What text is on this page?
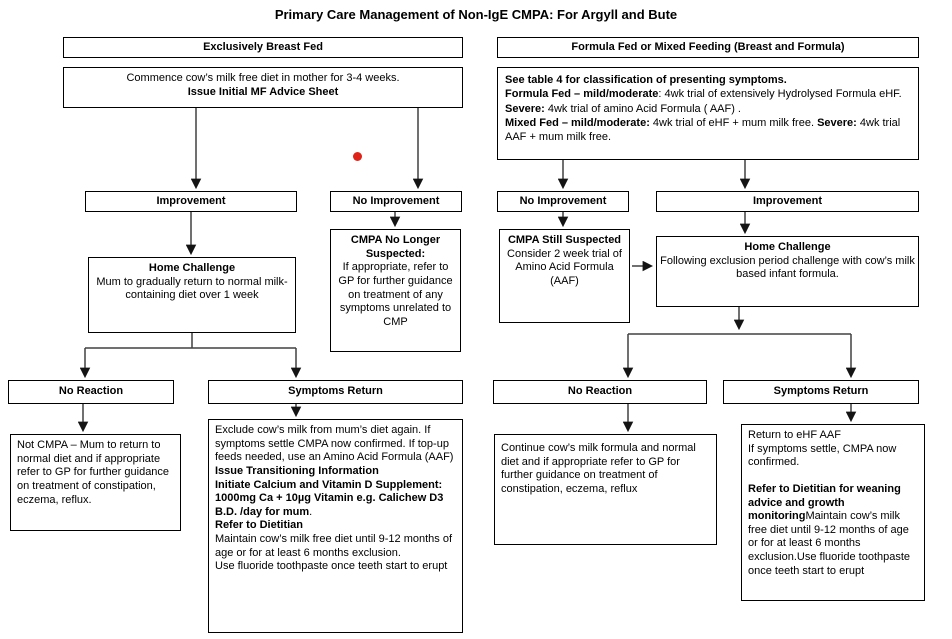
Primary Care Management of Non-IgE CMPA: For Argyll and Bute
Exclusively Breast Fed
Commence cow’s milk free diet in mother for 3-4 weeks.
Issue Initial MF Advice Sheet
Improvement	No Improvement
Home Challenge
Mum to gradually return to normal milk-containing diet over 1 week
CMPA No Longer Suspected:
If appropriate, refer to GP for further guidance on treatment of any symptoms unrelated to CMP
No Reaction	Symptoms Return
Not CMPA – Mum to return to normal diet and if appropriate refer to GP for further guidance on treatment of constipation, eczema, reflux.
Exclude cow’s milk from mum’s diet again. If symptoms settle CMPA now confirmed. If top-up feeds needed, use an Amino Acid Formula (AAF)
Issue Transitioning Information
Initiate Calcium and Vitamin D Supplement: 1000mg Ca + 10µg Vitamin e.g. Calichew D3 B.D. /day for mum.
Refer to Dietitian
Maintain cow’s milk free diet until 9-12 months of age or for at least 6 months exclusion.
Use fluoride toothpaste once teeth start to erupt
Formula Fed or Mixed Feeding (Breast and Formula)
See table 4 for classification of presenting symptoms.
Formula Fed – mild/moderate: 4wk trial of extensively Hydrolysed Formula eHF. Severe: 4wk trial of amino Acid Formula ( AAF) .
Mixed Fed – mild/moderate: 4wk trial of eHF + mum milk free. Severe: 4wk trial AAF + mum milk free.
No Improvement	Improvement
CMPA Still Suspected
Consider 2 week trial of Amino Acid Formula (AAF)
Home Challenge
Following exclusion period challenge with cow’s milk based infant formula.
No Reaction	Symptoms Return
Continue cow’s milk formula and normal diet and if appropriate refer to GP for further guidance on treatment of constipation, eczema, reflux
Return to eHF AAF
If symptoms settle, CMPA now confirmed.
Refer to Dietitian for weaning advice and growth monitoringMaintain cow’s milk free diet until 9-12 months of age or for at least 6 months exclusion.Use fluoride toothpaste once teeth start to erupt
